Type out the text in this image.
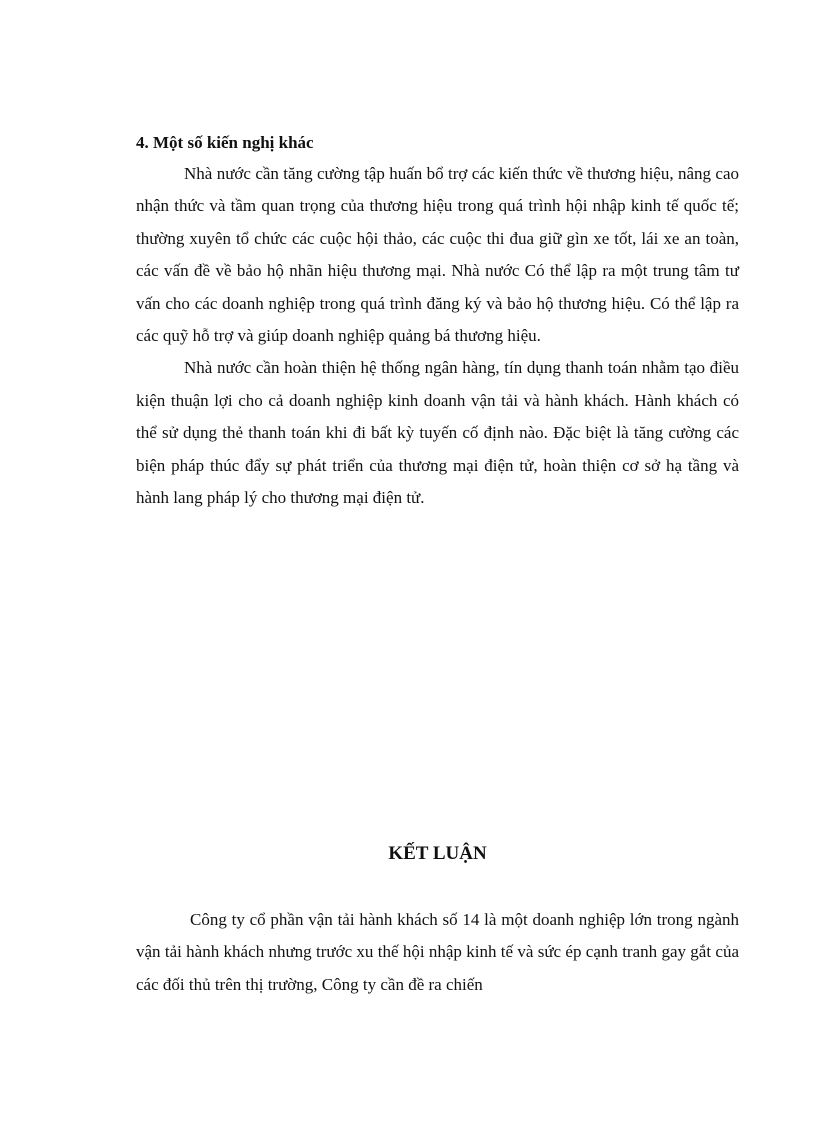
4. Một số kiến nghị khác

Nhà nước cần tăng cường tập huấn bổ trợ các kiến thức về thương hiệu, nâng cao nhận thức và tầm quan trọng của thương hiệu trong quá trình hội nhập kinh tế quốc tế; thường xuyên tổ chức các cuộc hội thảo, các cuộc thi đua giữ gìn xe tốt, lái xe an toàn, các vấn đề về bảo hộ nhãn hiệu thương mại. Nhà nước Có thể lập ra một trung tâm tư vấn cho các doanh nghiệp trong quá trình đăng ký và bảo hộ thương hiệu. Có thể lập ra các quỹ hỗ trợ và giúp doanh nghiệp quảng bá thương hiệu.

Nhà nước cần hoàn thiện hệ thống ngân hàng, tín dụng thanh toán nhằm tạo điều kiện thuận lợi cho cả doanh nghiệp kinh doanh vận tải và hành khách. Hành khách có thể sử dụng thẻ thanh toán khi đi bất kỳ tuyến cố định nào. Đặc biệt là tăng cường các biện pháp thúc đẩy sự phát triển của thương mại điện tử, hoàn thiện cơ sở hạ tầng và hành lang pháp lý cho thương mại điện tử.

KẾT LUẬN

Công ty cổ phần vận tải hành khách số 14 là một doanh nghiệp lớn trong ngành vận tải hành khách nhưng trước xu thế hội nhập kinh tế và sức ép cạnh tranh gay gắt của các đối thủ trên thị trường, Công ty cần đề ra chiến
